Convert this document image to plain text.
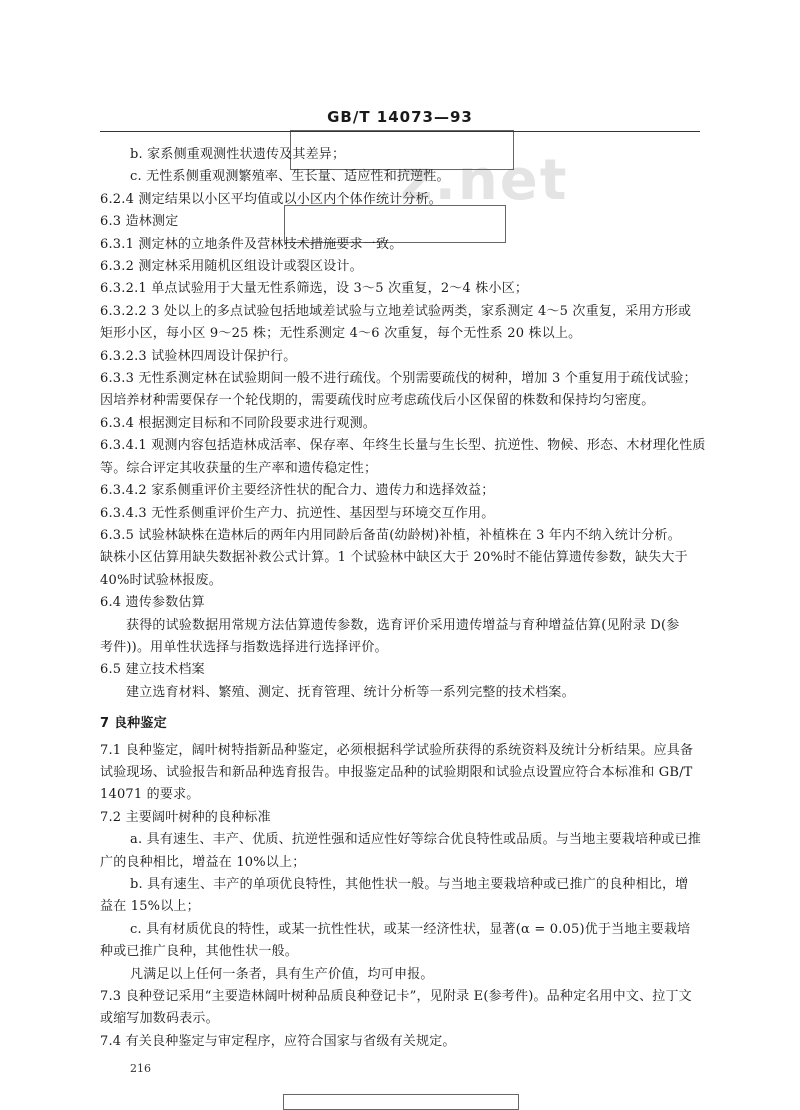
z.net
GB/T 14073—93
b. 家系侧重观测性状遗传及其差异；
c. 无性系侧重观测繁殖率、生长量、适应性和抗逆性。
6.2.4 测定结果以小区平均值或以小区内个体作统计分析。
6.3 造林测定
6.3.1 测定林的立地条件及营林技术措施要求一致。
6.3.2 测定林采用随机区组设计或裂区设计。
6.3.2.1 单点试验用于大量无性系筛选，设 3～5 次重复，2～4 株小区；
6.3.2.2 3 处以上的多点试验包括地域差试验与立地差试验两类，家系测定 4～5 次重复，采用方形或
矩形小区，每小区 9～25 株；无性系测定 4～6 次重复，每个无性系 20 株以上。
6.3.2.3 试验林四周设计保护行。
6.3.3 无性系测定林在试验期间一般不进行疏伐。个别需要疏伐的树种，增加 3 个重复用于疏伐试验；
因培养材种需要保存一个轮伐期的，需要疏伐时应考虑疏伐后小区保留的株数和保持均匀密度。
6.3.4 根据测定目标和不同阶段要求进行观测。
6.3.4.1 观测内容包括造林成活率、保存率、年终生长量与生长型、抗逆性、物候、形态、木材理化性质
等。综合评定其收获量的生产率和遗传稳定性；
6.3.4.2 家系侧重评价主要经济性状的配合力、遗传力和选择效益；
6.3.4.3 无性系侧重评价生产力、抗逆性、基因型与环境交互作用。
6.3.5 试验林缺株在造林后的两年内用同龄后备苗(幼龄树)补植，补植株在 3 年内不纳入统计分析。
缺株小区估算用缺失数据补救公式计算。1 个试验林中缺区大于 20%时不能估算遗传参数，缺失大于
40%时试验林报废。
6.4 遗传参数估算
获得的试验数据用常规方法估算遗传参数，选育评价采用遗传增益与育种增益估算(见附录 D(参
考件))。用单性状选择与指数选择进行选择评价。
6.5 建立技术档案
建立选育材料、繁殖、测定、抚育管理、统计分析等一系列完整的技术档案。
7 良种鉴定
7.1 良种鉴定，阔叶树特指新品种鉴定，必须根据科学试验所获得的系统资料及统计分析结果。应具备
试验现场、试验报告和新品种选育报告。申报鉴定品种的试验期限和试验点设置应符合本标准和 GB/T
14071 的要求。
7.2 主要阔叶树种的良种标准
a. 具有速生、丰产、优质、抗逆性强和适应性好等综合优良特性或品质。与当地主要栽培种或已推
广的良种相比，增益在 10%以上；
b. 具有速生、丰产的单项优良特性，其他性状一般。与当地主要栽培种或已推广的良种相比，增
益在 15%以上；
c. 具有材质优良的特性，或某一抗性性状，或某一经济性状，显著(α = 0.05)优于当地主要栽培
种或已推广良种，其他性状一般。
凡满足以上任何一条者，具有生产价值，均可申报。
7.3 良种登记采用“主要造林阔叶树种品质良种登记卡”，见附录 E(参考件)。品种定名用中文、拉丁文
或缩写加数码表示。
7.4 有关良种鉴定与审定程序，应符合国家与省级有关规定。
216
